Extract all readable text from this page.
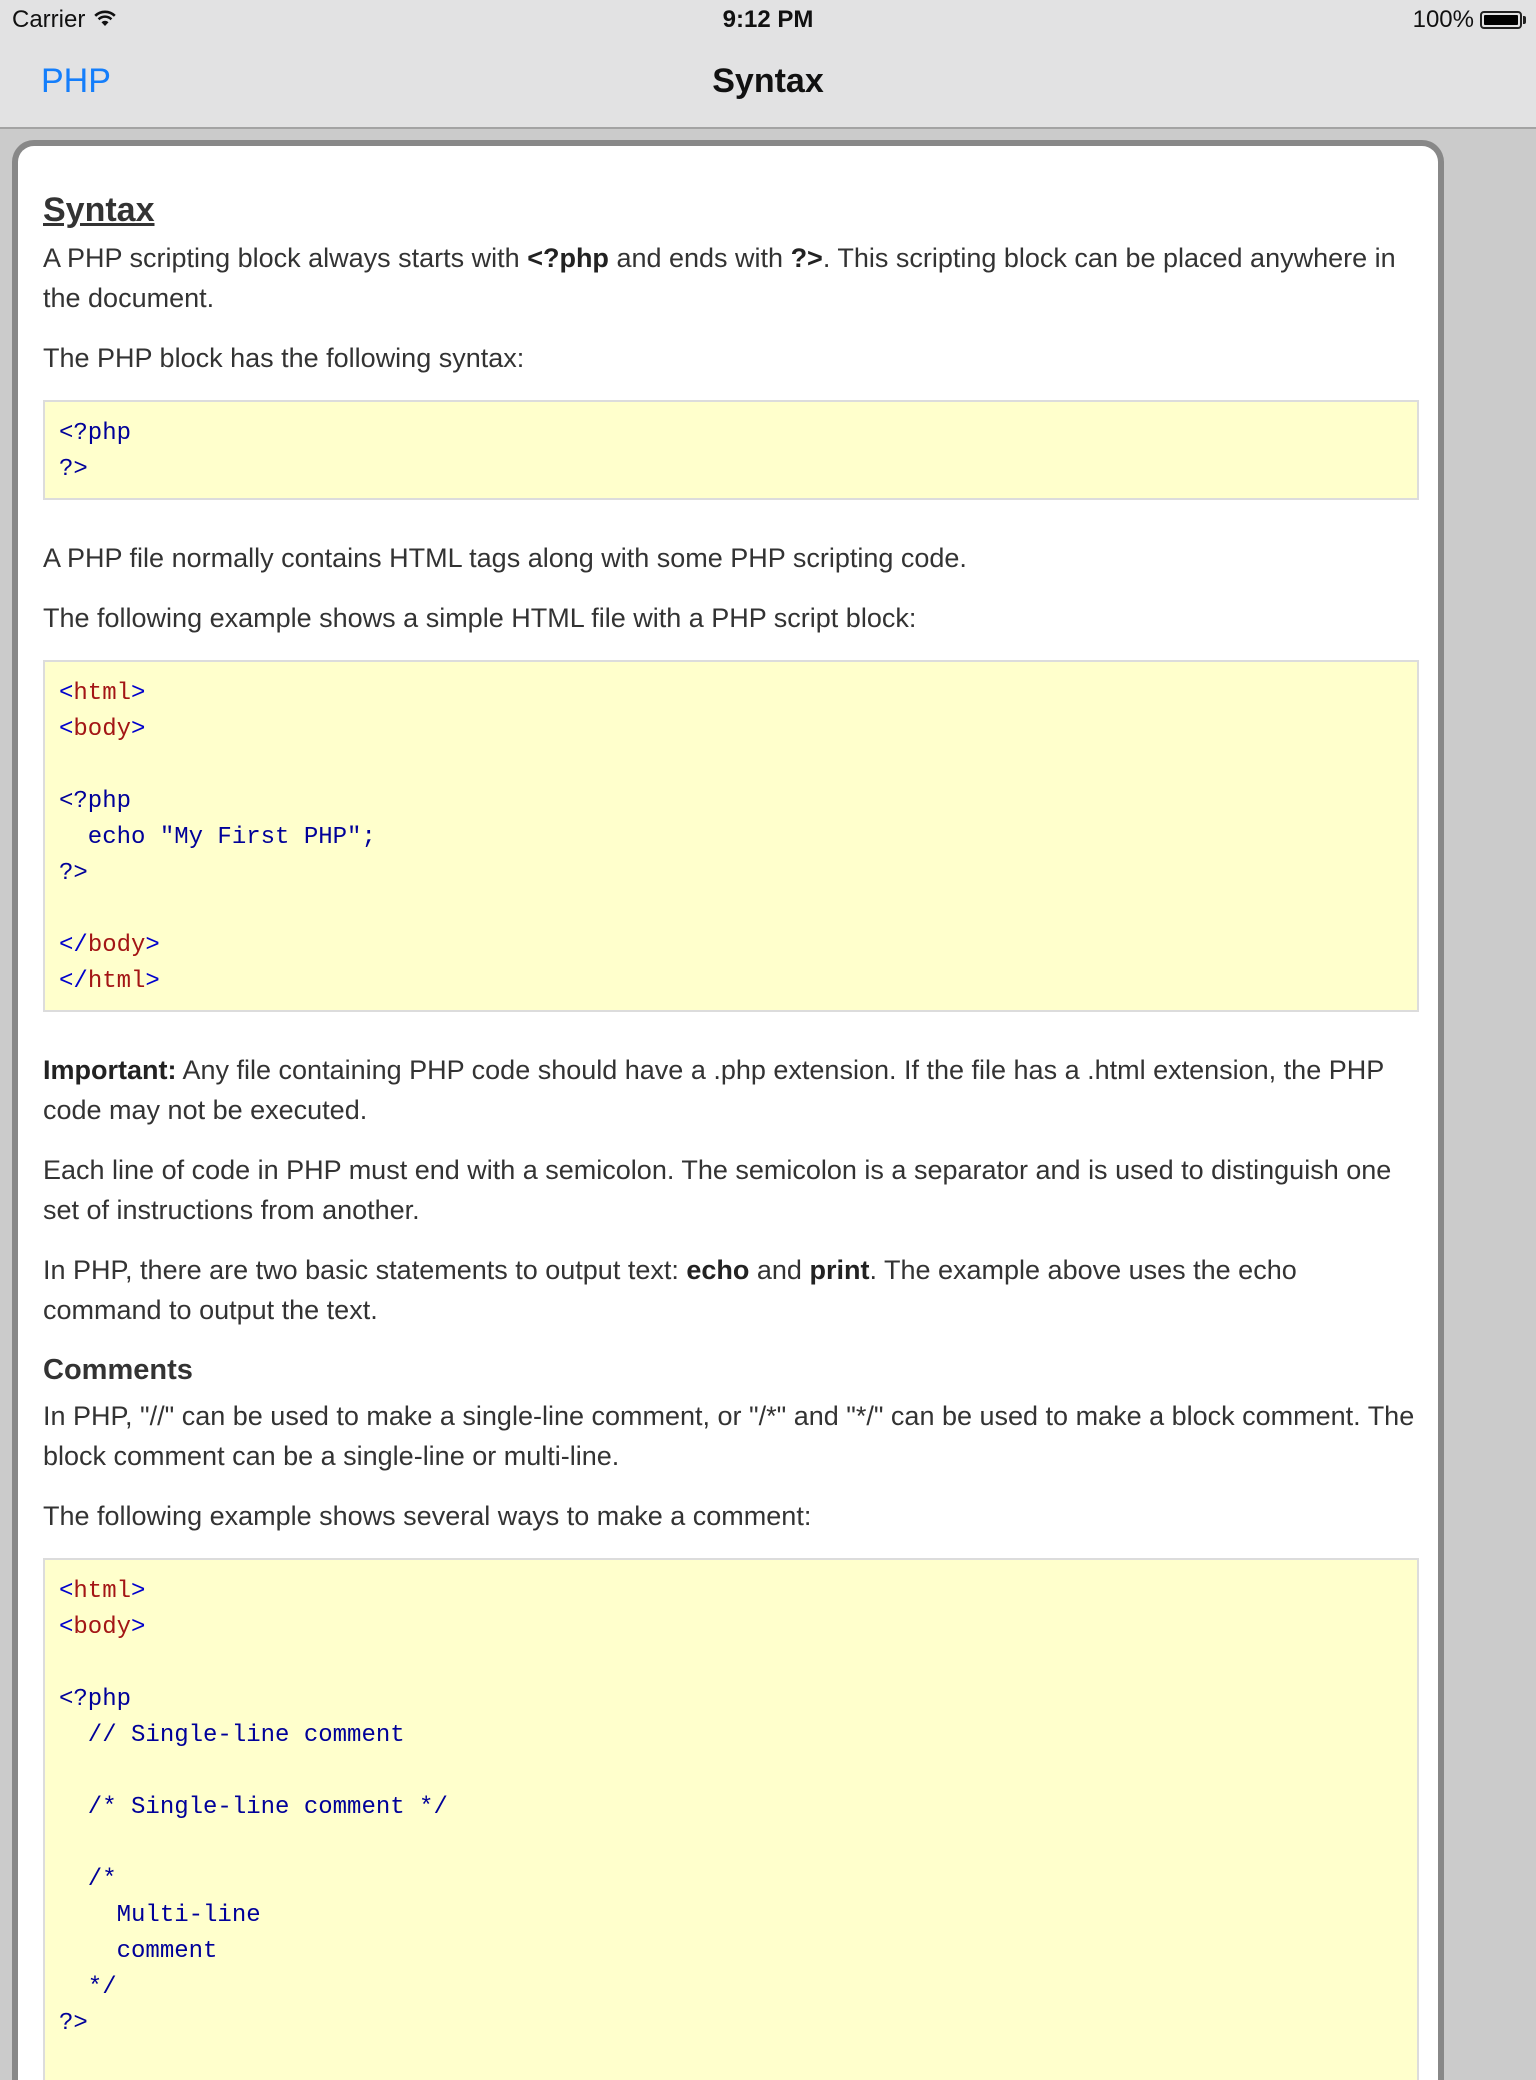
Carrier	9:12 PM	100%
PHP	Syntax
Syntax

A PHP scripting block always starts with <?php and ends with ?>. This scripting block can be placed anywhere in the document.

The PHP block has the following syntax:

<?php
?>

A PHP file normally contains HTML tags along with some PHP scripting code.

The following example shows a simple HTML file with a PHP script block:

<html>
<body>
<?php
echo "My First PHP";
?>
</body>
</html>

Important: Any file containing PHP code should have a .php extension. If the file has a .html extension, the PHP code may not be executed.

Each line of code in PHP must end with a semicolon. The semicolon is a separator and is used to distinguish one set of instructions from another.

In PHP, there are two basic statements to output text: echo and print. The example above uses the echo command to output the text.

Comments

In PHP, "//" can be used to make a single-line comment, or "/*" and "*/" can be used to make a block comment. The block comment can be a single-line or multi-line.

The following example shows several ways to make a comment:

<html>
<body>
<?php
// Single-line comment
/* Single-line comment */
/*
Multi-line
comment
*/
?>
